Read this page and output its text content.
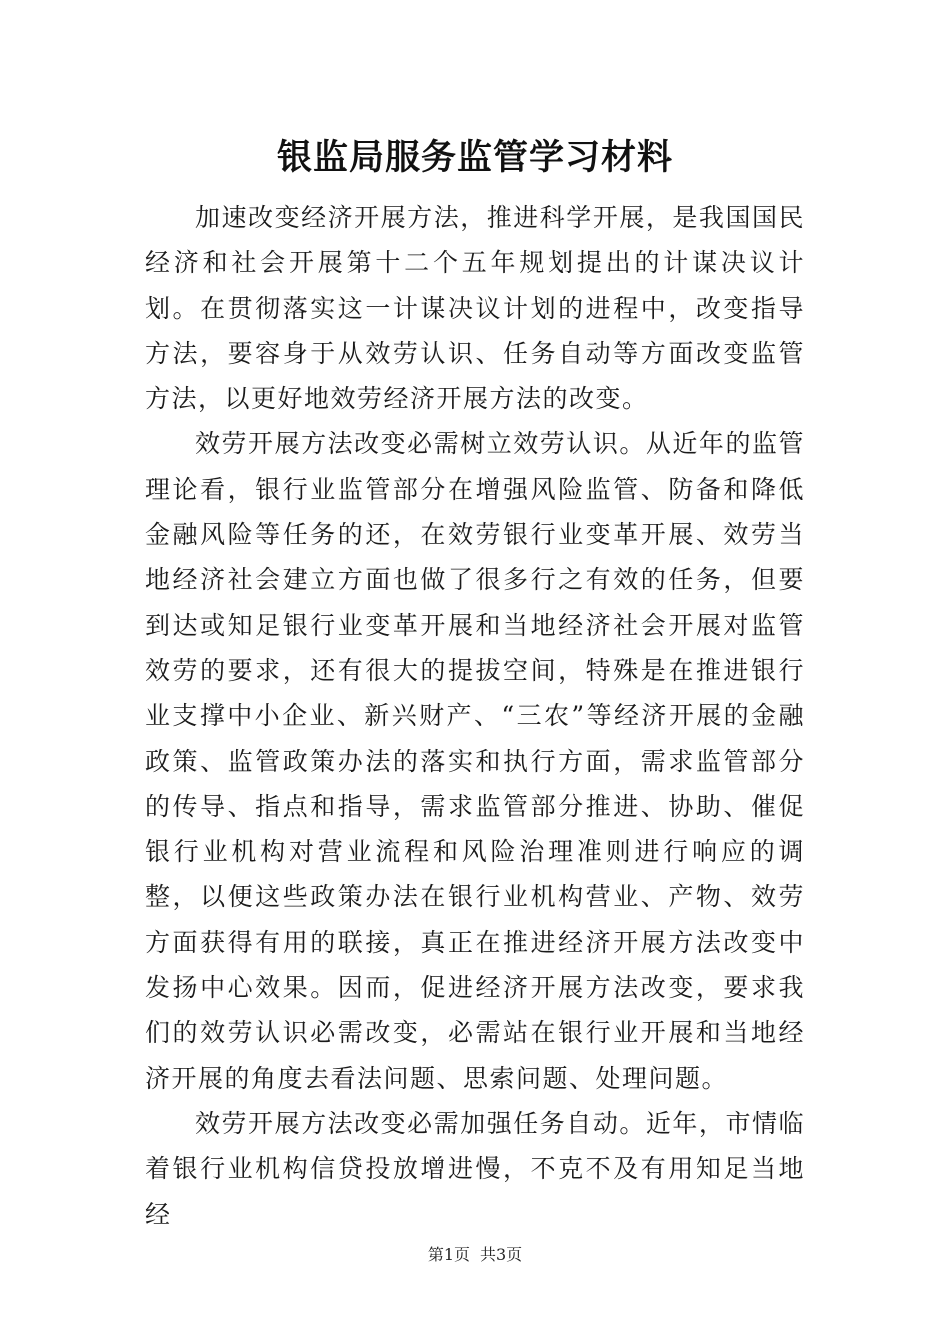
银监局服务监管学习材料

加速改变经济开展方法，推进科学开展，是我国国民经济和社会开展第十二个五年规划提出的计谋决议计划。在贯彻落实这一计谋决议计划的进程中，改变指导方法，要容身于从效劳认识、任务自动等方面改变监管方法，以更好地效劳经济开展方法的改变。

效劳开展方法改变必需树立效劳认识。从近年的监管理论看，银行业监管部分在增强风险监管、防备和降低金融风险等任务的还，在效劳银行业变革开展、效劳当地经济社会建立方面也做了很多行之有效的任务，但要到达或知足银行业变革开展和当地经济社会开展对监管效劳的要求，还有很大的提拔空间，特殊是在推进银行业支撑中小企业、新兴财产、“三农”等经济开展的金融政策、监管政策办法的落实和执行方面，需求监管部分的传导、指点和指导，需求监管部分推进、协助、催促银行业机构对营业流程和风险治理准则进行响应的调整，以便这些政策办法在银行业机构营业、产物、效劳方面获得有用的联接，真正在推进经济开展方法改变中发扬中心效果。因而，促进经济开展方法改变，要求我们的效劳认识必需改变，必需站在银行业开展和当地经济开展的角度去看法问题、思索问题、处理问题。

效劳开展方法改变必需加强任务自动。近年，市情临着银行业机构信贷投放增进慢，不克不及有用知足当地经

第1页 共3页
